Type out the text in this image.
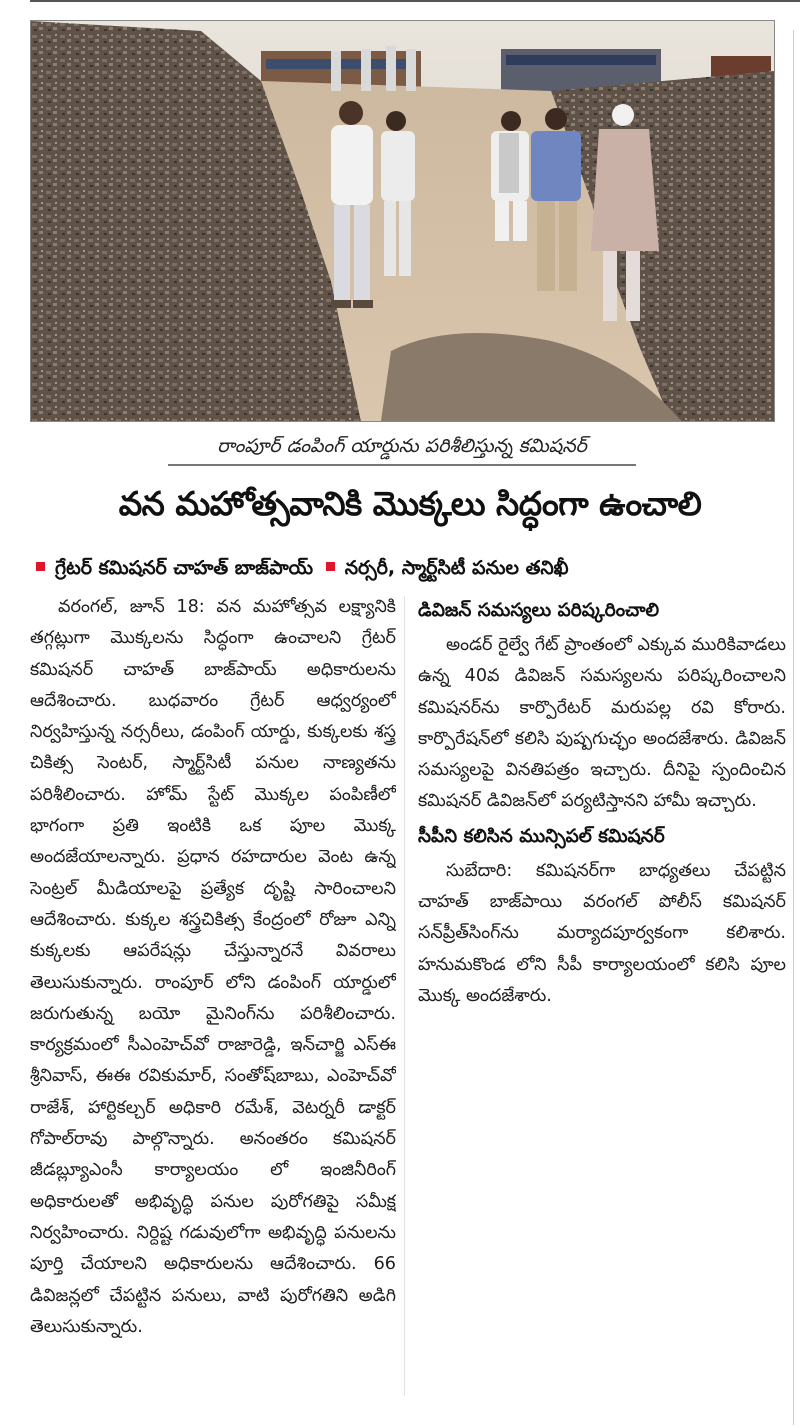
రాంపూర్ డంపింగ్ యార్డును పరిశీలిస్తున్న కమిషనర్
వన మహోత్సవానికి మొక్కలు సిద్ధంగా ఉంచాలి
గ్రేటర్ కమిషనర్ చాహత్ బాజ్‌పాయ్ నర్సరీ, స్మార్ట్‌సిటీ పనుల తనిఖీ

వరంగల్, జూన్ 18: వన మహోత్సవ లక్ష్యానికి తగ్గట్లుగా మొక్కలను సిద్ధంగా ఉంచాలని గ్రేటర్ కమిషనర్ చాహత్ బాజ్‌పాయ్ అధికారులను ఆదేశించారు. బుధవారం గ్రేటర్ ఆధ్వర్యంలో నిర్వహిస్తున్న నర్సరీలు, డంపింగ్ యార్డు, కుక్కలకు శస్త్ర చికిత్స సెంటర్, స్మార్ట్‌సిటీ పనుల నాణ్యతను పరిశీలించారు. హోమ్ స్టేట్ మొక్కల పంపిణీలో భాగంగా ప్రతి ఇంటికి ఒక పూల మొక్క అందజేయాలన్నారు. ప్రధాన రహదారుల వెంట ఉన్న సెంట్రల్ మీడియాలపై ప్రత్యేక దృష్టి సారించాలని ఆదేశించారు. కుక్కల శస్త్రచికిత్స కేంద్రంలో రోజూ ఎన్ని కుక్కలకు ఆపరేషన్లు చేస్తున్నారనే వివరాలు తెలుసుకున్నారు. రాంపూర్ లోని డంపింగ్ యార్డులో జరుగుతున్న బయో మైనింగ్‌ను పరిశీలించారు. కార్యక్రమంలో సీఎంహెచ్‌వో రాజారెడ్డి, ఇన్‌చార్జి ఎస్ఈ శ్రీనివాస్, ఈఈ రవికుమార్, సంతోష్‌బాబు, ఎంహెచ్‌వో రాజేశ్, హార్టికల్చర్ అధికారి రమేశ్, వెటర్నరీ డాక్టర్ గోపాల్‌రావు పాల్గొన్నారు. అనంతరం కమిషనర్ జీడబ్ల్యూఎంసీ కార్యాలయం లో ఇంజినీరింగ్ అధికారులతో అభివృద్ధి పనుల పురోగతిపై సమీక్ష నిర్వహించారు. నిర్దిష్ట గడువులోగా అభివృద్ధి పనులను పూర్తి చేయాలని అధికారులను ఆదేశించారు. 66 డివిజన్లలో చేపట్టిన పనులు, వాటి పురోగతిని అడిగి తెలుసుకున్నారు.

డివిజన్ సమస్యలు పరిష్కరించాలి

అండర్ రైల్వే గేట్ ప్రాంతంలో ఎక్కువ మురికివాడలు ఉన్న 40వ డివిజన్ సమస్యలను పరిష్కరించాలని కమిషనర్‌ను కార్పొరేటర్ మరుపల్ల రవి కోరారు. కార్పొరేషన్‌లో కలిసి పుష్పగుచ్ఛం అందజేశారు. డివిజన్ సమస్యలపై వినతిపత్రం ఇచ్చారు. దీనిపై స్పందించిన కమిషనర్ డివిజన్‌లో పర్యటిస్తానని హామీ ఇచ్చారు.

సీపీని కలిసిన మున్సిపల్ కమిషనర్

సుబేదారి: కమిషనర్‌గా బాధ్యతలు చేపట్టిన చాహత్ బాజ్‌పాయి వరంగల్ పోలీస్ కమిషనర్ సన్‌ప్రీత్‌సింగ్‌ను మర్యాదపూర్వకంగా కలిశారు. హనుమకొండ లోని సీపీ కార్యాలయంలో కలిసి పూల మొక్క అందజేశారు.
